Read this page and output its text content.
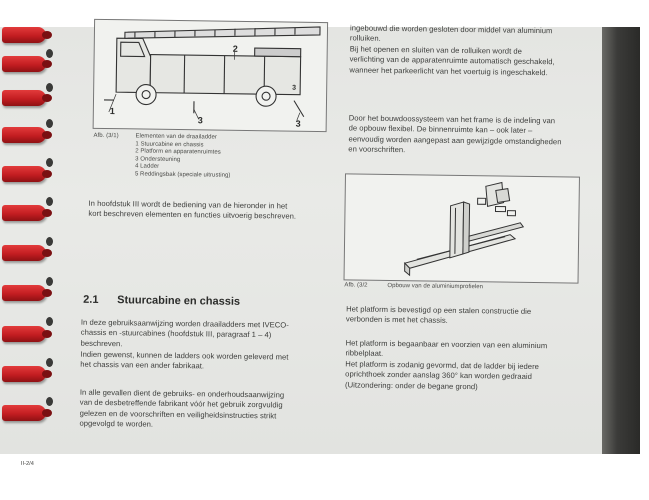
1
2
3	3
3
Afb. (3/1)	Elementen van de draailadder

1 Stuurcabine en chassis

2 Platform en apparatenruimtes

3 Ondersteuning

4 Ladder

5 Reddingsbak (speciale uitrusting)

In hoofdstuk III wordt de bediening van de hieronder in het

kort beschreven elementen en functies uitvoerig beschreven.

2.1 Stuurcabine en chassis

In deze gebruiksaanwijzing worden draailadders met IVECO-

chassis en -stuurcabines (hoofdstuk III, paragraaf 1 – 4)

beschreven.

Indien gewenst, kunnen de ladders ook worden geleverd met

het chassis van een ander fabrikaat.

In alle gevallen dient de gebruiks- en onderhoudsaanwijzing

van de desbetreffende fabrikant vóór het gebruik zorgvuldig

gelezen en de voorschriften en veiligheidsinstructies strikt

opgevolgd te worden.

ingebouwd die worden gesloten door middel van aluminium

rolluiken.

Bij het openen en sluiten van de rolluiken wordt de

verlichting van de apparatenruimte automatisch geschakeld,

wanneer het parkeerlicht van het voertuig is ingeschakeld.

Door het bouwdoossysteem van het frame is de indeling van

de opbouw flexibel. De binnenruimte kan – ook later –

eenvoudig worden aangepast aan gewijzigde omstandigheden

en voorschriften.

Afb. (3/2	Opbouw van de aluminiumprofielen

Het platform is bevestigd op een stalen constructie die

verbonden is met het chassis.

Het platform is begaanbaar en voorzien van een aluminium

ribbelplaat.

Het platform is zodanig gevormd, dat de ladder bij iedere

oprichthoek zonder aanslag 360° kan worden gedraaid

(Uitzondering: onder de begane grond)

II-2/4
